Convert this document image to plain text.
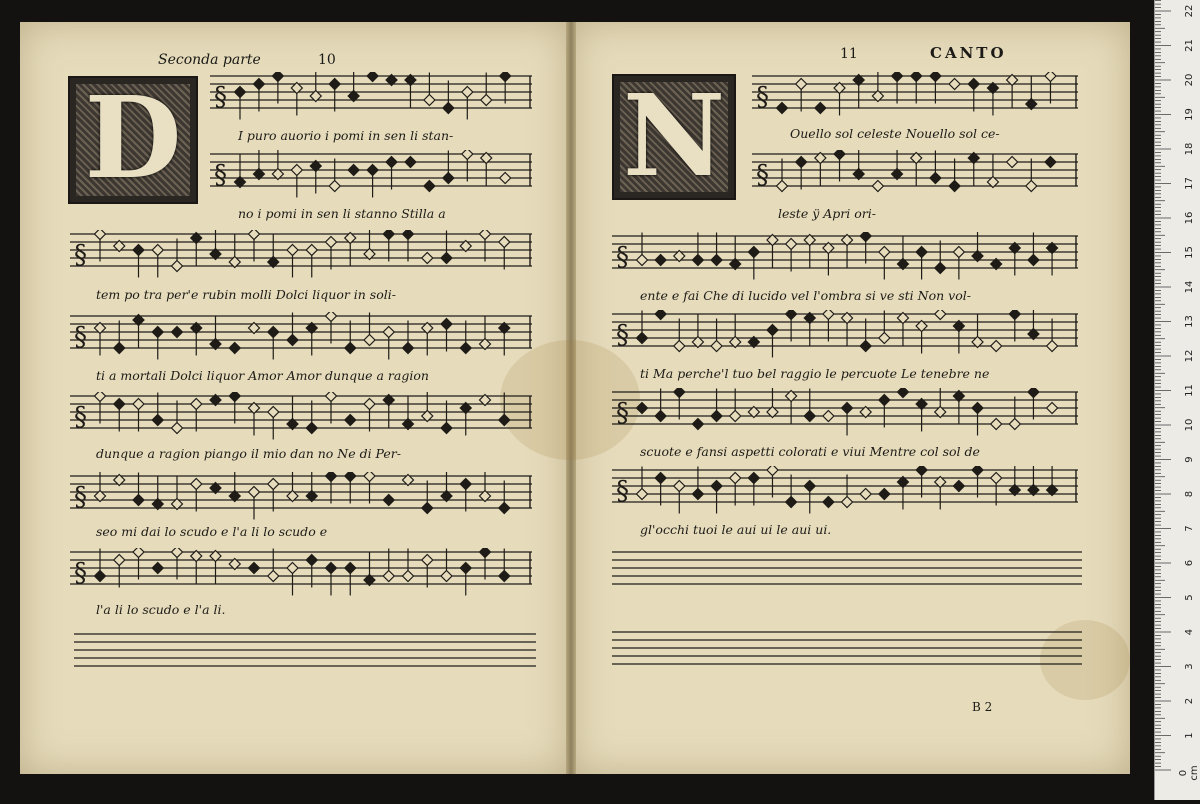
Seconda parte	10	11	CANTO
B 2
D	N
§
§
§
§
§
§
§
§
§
§
§
§
§
I puro auorio i pomi in sen li stan-
no i pomi in sen li stanno Stilla a
tem po tra per'e rubin molli Dolci liquor in soli-
ti a mortali Dolci liquor Amor Amor dunque a ragion
dunque a ragion piango il mio dan no Ne di Per-
seo mi dai lo scudo e l'a li lo scudo e
l'a li lo scudo e l'a li.
Ouello sol celeste Nouello sol ce-
leste ÿ Apri ori-
ente e fai Che di lucido vel l'ombra si ve sti Non vol-
ti Ma perche'l tuo bel raggio le percuote Le tenebre ne
scuote e fansi aspetti colorati e viui Mentre col sol de
gl'occhi tuoi le aui ui le aui ui.
1
2
3
4
5
6
7
8
9
10
11
12
13
14
15
16
17
18
19
20
21
22
0 cm
